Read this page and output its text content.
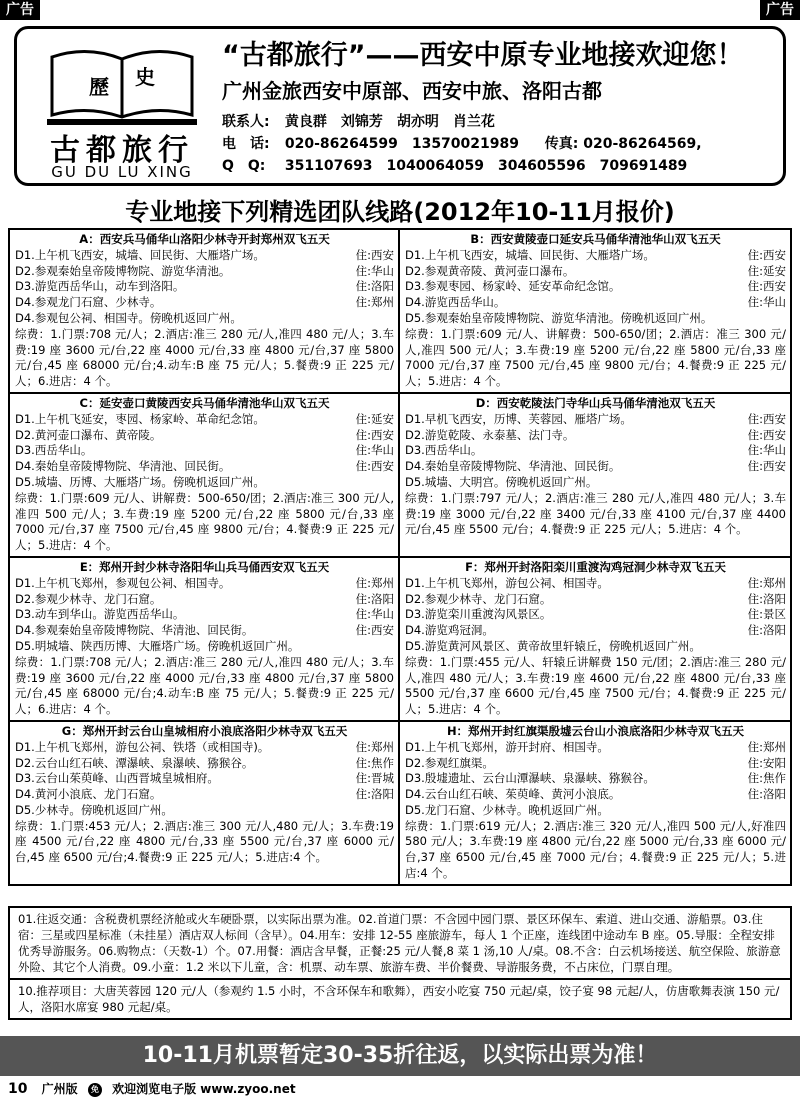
广告	广告
歷 史
古都旅行
GU DU LU XING
“古都旅行”——西安中原专业地接欢迎您！
广州金旅西安中原部、西安中旅、洛阳古都
联系人: 黄良群　刘锦芳　胡亦明　肖兰花
电　话: 020-86264599　13570021989 传真: 020-86264569,
Q　Q: 351107693　1040064059　304605596　709691489
专业地接下列精选团队线路(2012年10-11月报价)
A：西安兵马俑华山洛阳少林寺开封郑州双飞五天
D1.上午机飞西安，城墙、回民街、大雁塔广场。	住:西安
D2.参观秦始皇帝陵博物院、游览华清池。	住:华山
D3.游览西岳华山，动车到洛阳。	住:洛阳
D4.参观龙门石窟、少林寺。	住:郑州
D4.参观包公祠、相国寺。傍晚机返回广州。
综费：1.门票:708 元/人；2.酒店:准三 280 元/人,准四 480 元/人；3.车费:19 座 3600 元/台,22 座 4000 元/台,33 座 4800 元/台,37 座 5800 元/台,45 座 68000 元/台;4.动车:B 座 75 元/人；5.餐费:9 正 225 元/人；6.进店：4 个。
B：西安黄陵壶口延安兵马俑华清池华山双飞五天
D1.上午机飞西安，城墙、回民街、大雁塔广场。	住:西安
D2.参观黄帝陵、黄河壶口瀑布。	住:延安
D3.参观枣园、杨家岭、延安革命纪念馆。	住:西安
D4.游览西岳华山。	住:华山
D5.参观秦始皇帝陵博物院、游览华清池。傍晚机返回广州。
综费：1.门票:609 元/人、讲解费：500-650/团；2.酒店：准三 300 元/人,准四 500 元/人；3.车费:19 座 5200 元/台,22 座 5800 元/台,33 座 7000 元/台,37 座 7500 元/台,45 座 9800 元/台；4.餐费:9 正 225 元/人；5.进店：4 个。
C：延安壶口黄陵西安兵马俑华清池华山双飞五天
D1.上午机飞延安，枣园、杨家岭、革命纪念馆。	住:延安
D2.黄河壶口瀑布、黄帝陵。	住:西安
D3.西岳华山。	住:华山
D4.秦始皇帝陵博物院、华清池、回民街。	住:西安
D5.城墙、历博、大雁塔广场。傍晚机返回广州。
综费：1.门票:609 元/人、讲解费：500-650/团；2.酒店:准三 300 元/人,准四 500 元/人；3.车费:19 座 5200 元/台,22 座 5800 元/台,33 座 7000 元/台,37 座 7500 元/台,45 座 9800 元/台；4.餐费:9 正 225 元/人；5.进店：4 个。
D：西安乾陵法门寺华山兵马俑华清池双飞五天
D1.早机飞西安，历博、芙蓉园、雁塔广场。	住:西安
D2.游览乾陵、永泰墓、法门寺。	住:西安
D3.西岳华山。	住:华山
D4.秦始皇帝陵博物院、华清池、回民街。	住:西安
D5.城墙、大明宫。傍晚机返回广州。
综费：1.门票:797 元/人；2.酒店:准三 280 元/人,准四 480 元/人；3.车费:19 座 3000 元/台,22 座 3400 元/台,33 座 4100 元/台,37 座 4400 元/台,45 座 5500 元/台；4.餐费:9 正 225 元/人；5.进店：4 个。
E：郑州开封少林寺洛阳华山兵马俑西安双飞五天
D1.上午机飞郑州，参观包公祠、相国寺。	住:郑州
D2.参观少林寺、龙门石窟。	住:洛阳
D3.动车到华山。游览西岳华山。	住:华山
D4.参观秦始皇帝陵博物院、华清池、回民街。	住:西安
D5.明城墙、陕西历博、大雁塔广场。傍晚机返回广州。
综费：1.门票:708 元/人；2.酒店:准三 280 元/人,准四 480 元/人；3.车费:19 座 3600 元/台,22 座 4000 元/台,33 座 4800 元/台,37 座 5800 元/台,45 座 68000 元/台;4.动车:B 座 75 元/人；5.餐费:9 正 225 元/人；6.进店：4 个。
F：郑州开封洛阳栾川重渡沟鸡冠洞少林寺双飞五天
D1.上午机飞郑州，游包公祠、相国寺。	住:郑州
D2.参观少林寺、龙门石窟。	住:洛阳
D3.游览栾川重渡沟风景区。	住:景区
D4.游览鸡冠洞。	住:洛阳
D5.游览黄河风景区、黄帝故里轩辕丘，傍晚机返回广州。
综费：1.门票:455 元/人、轩辕丘讲解费 150 元/团；2.酒店:准三 280 元/人,准四 480 元/人；3.车费:19 座 4600 元/台,22 座 4800 元/台,33 座 5500 元/台,37 座 6600 元/台,45 座 7500 元/台；4.餐费:9 正 225 元/人；5.进店：4 个。
G：郑州开封云台山皇城相府小浪底洛阳少林寺双飞五天
D1.上午机飞郑州，游包公祠、铁塔（或相国寺)。	住:郑州
D2.云台山红石峡、潭瀑峡、泉瀑峡、猕猴谷。	住:焦作
D3.云台山茱萸峰、山西晋城皇城相府。	住:晋城
D4.黄河小浪底、龙门石窟。	住:洛阳
D5.少林寺。傍晚机返回广州。
综费：1.门票:453 元/人；2.酒店:准三 300 元/人,480 元/人；3.车费:19 座 4500 元/台,22 座 4800 元/台,33 座 5500 元/台,37 座 6000 元/台,45 座 6500 元/台;4.餐费:9 正 225 元/人；5.进店:4 个。
H：郑州开封红旗渠殷墟云台山小浪底洛阳少林寺双飞五天
D1.上午机飞郑州，游开封府、相国寺。	住:郑州
D2.参观红旗渠。	住:安阳
D3.殷墟遗址、云台山潭瀑峡、泉瀑峡、猕猴谷。	住:焦作
D4.云台山红石峡、茱萸峰、黄河小浪底。	住:洛阳
D5.龙门石窟、少林寺。晚机返回广州。
综费：1.门票:619 元/人；2.酒店:准三 320 元/人,准四 500 元/人,好准四 580 元/人；3.车费:19 座 4800 元/台,22 座 5000 元/台,33 座 6000 元/台,37 座 6500 元/台,45 座 7000 元/台；4.餐费:9 正 225 元/人；5.进店:4 个。
01.往返交通：含税费机票经济舱或火车硬卧票，以实际出票为准。02.首道门票：不含园中园门票、景区环保车、索道、进山交通、游船票。03.住宿：三星或四星标准（未挂星）酒店双人标间（含早）。04.用车：安排 12-55 座旅游车，每人 1 个正座，连线团中途动车 B 座。05.导服：全程安排优秀导游服务。06.购物点：（天数-1）个。07.用餐：酒店含早餐，正餐:25 元/人餐,8 菜 1 汤,10 人/桌。08.不含：白云机场接送、航空保险、旅游意外险、其它个人消费。09.小童：1.2 米以下儿童，含：机票、动车票、旅游车费、半价餐费、导游服务费，不占床位，门票自理。
10.推荐项目：大唐芙蓉园 120 元/人（参观约 1.5 小时，不含环保车和歌舞），西安小吃宴 750 元起/桌，饺子宴 98 元起/人，仿唐歌舞表演 150 元/人，洛阳水席宴 980 元起/桌。
10-11月机票暂定30-35折往返，以实际出票为准！
10 广州版 免 欢迎浏览电子版 www.zyoo.net
